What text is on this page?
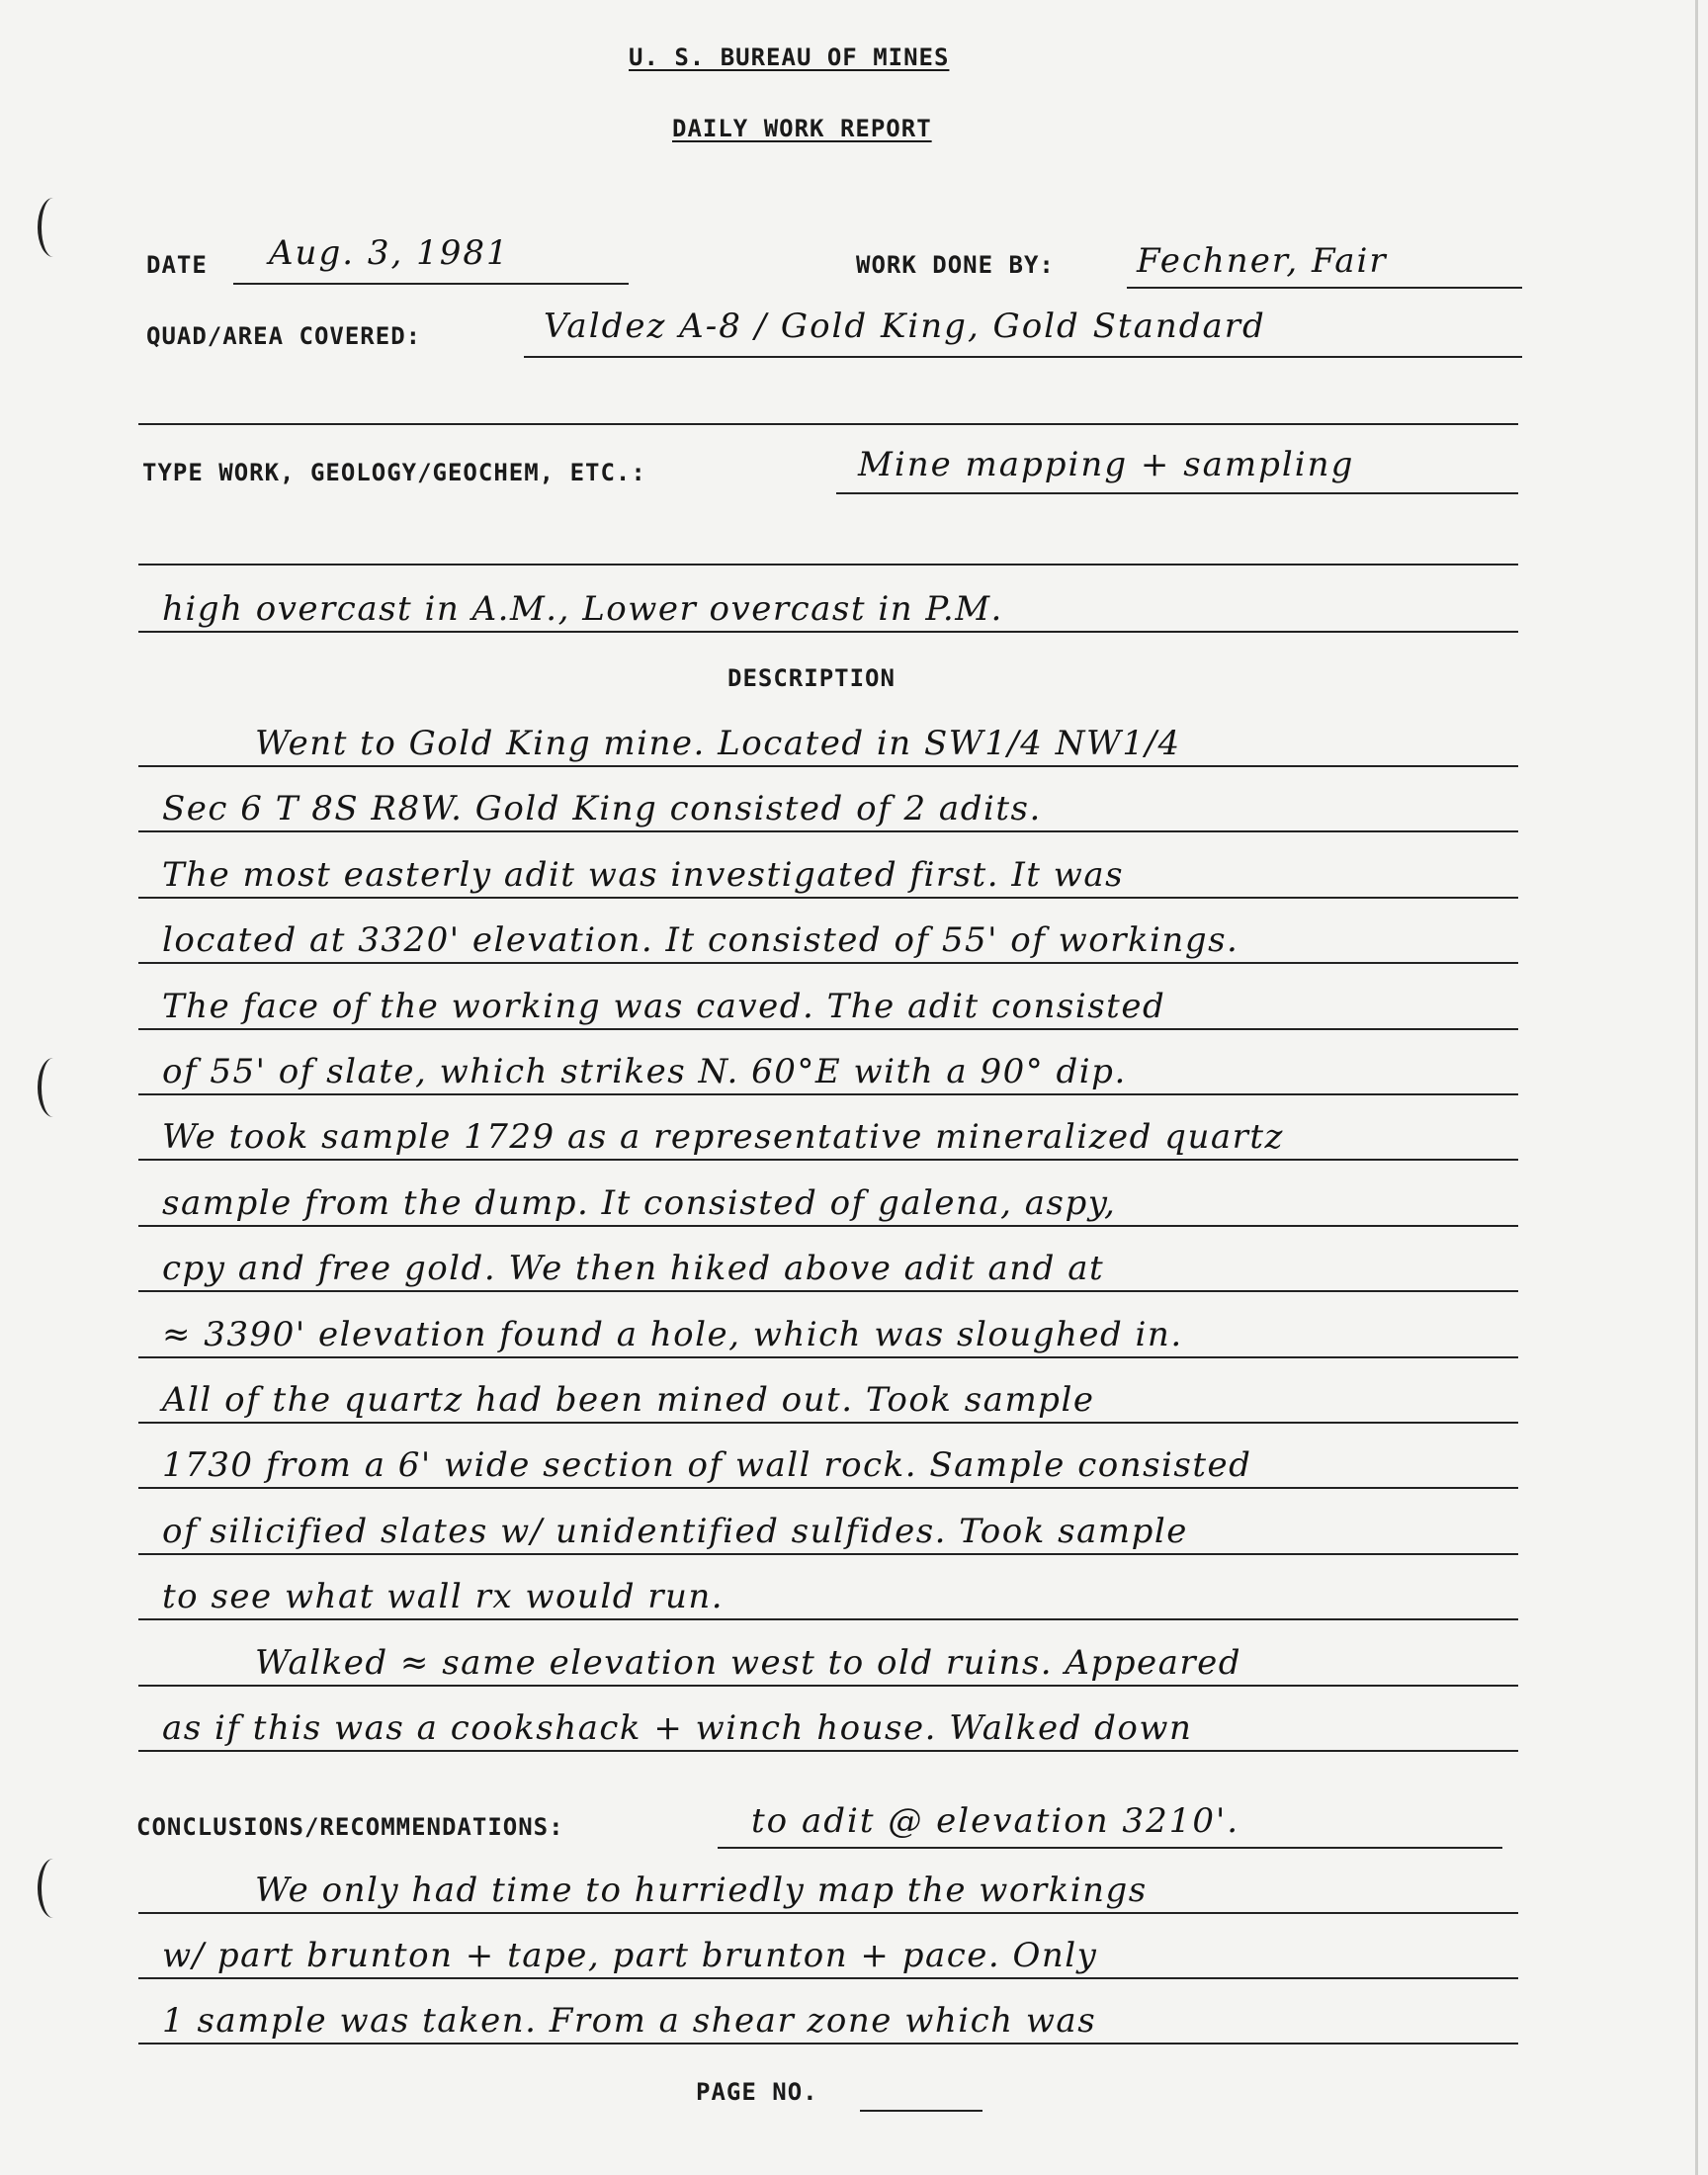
U. S. BUREAU OF MINES
DAILY WORK REPORT
DATE Aug. 3, 1981	WORK DONE BY: Fechner, Fair
QUAD/AREA COVERED:	Valdez A-8 / Gold King, Gold Standard
TYPE WORK, GEOLOGY/GEOCHEM, ETC.:	Mine mapping + sampling
high overcast in A.M., Lower overcast in P.M.
DESCRIPTION
Went to Gold King mine. Located in SW1/4 NW1/4
Sec 6 T 8S R8W. Gold King consisted of 2 adits.
The most easterly adit was investigated first. It was
located at 3320' elevation. It consisted of 55' of workings.
The face of the working was caved. The adit consisted
of 55' of slate, which strikes N. 60°E with a 90° dip.
We took sample 1729 as a representative mineralized quartz
sample from the dump. It consisted of galena, aspy,
cpy and free gold. We then hiked above adit and at
≈ 3390' elevation found a hole, which was sloughed in.
All of the quartz had been mined out. Took sample
1730 from a 6' wide section of wall rock. Sample consisted
of silicified slates w/ unidentified sulfides. Took sample
to see what wall rx would run.
Walked ≈ same elevation west to old ruins. Appeared
as if this was a cookshack + winch house. Walked down
CONCLUSIONS/RECOMMENDATIONS:	to adit @ elevation 3210'.
We only had time to hurriedly map the workings
w/ part brunton + tape, part brunton + pace. Only
1 sample was taken. From a shear zone which was
PAGE NO.
